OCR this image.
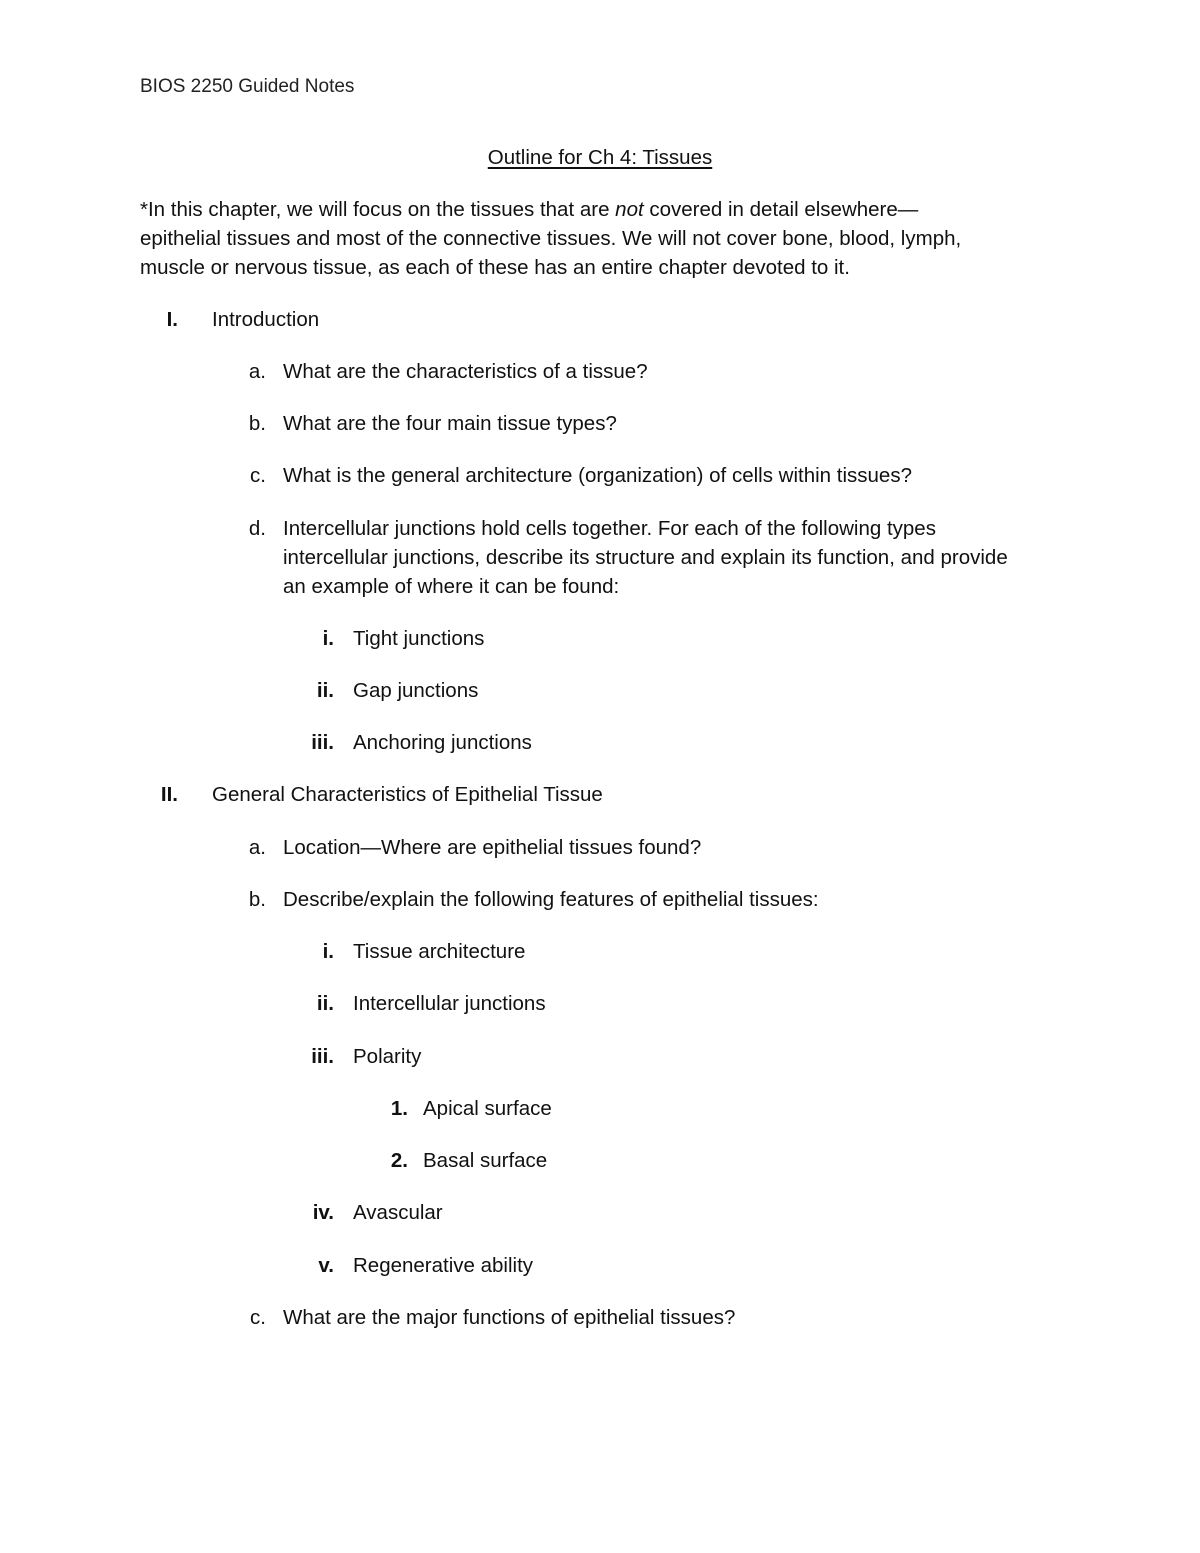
BIOS 2250 Guided Notes
Outline for Ch 4: Tissues

*In this chapter, we will focus on the tissues that are not covered in detail elsewhere—

epithelial tissues and most of the connective tissues. We will not cover bone, blood, lymph,

muscle or nervous tissue, as each of these has an entire chapter devoted to it.

I. Introduction
a. What are the characteristics of a tissue?
b. What are the four main tissue types?
c. What is the general architecture (organization) of cells within tissues?
d. Intercellular junctions hold cells together. For each of the following types

intercellular junctions, describe its structure and explain its function, and provide

an example of where it can be found:

i. Tight junctions
ii. Gap junctions
iii. Anchoring junctions
II. General Characteristics of Epithelial Tissue
a. Location—Where are epithelial tissues found?
b. Describe/explain the following features of epithelial tissues:
i. Tissue architecture
ii. Intercellular junctions
iii. Polarity
1. Apical surface
2. Basal surface
iv. Avascular
v. Regenerative ability
c. What are the major functions of epithelial tissues?
